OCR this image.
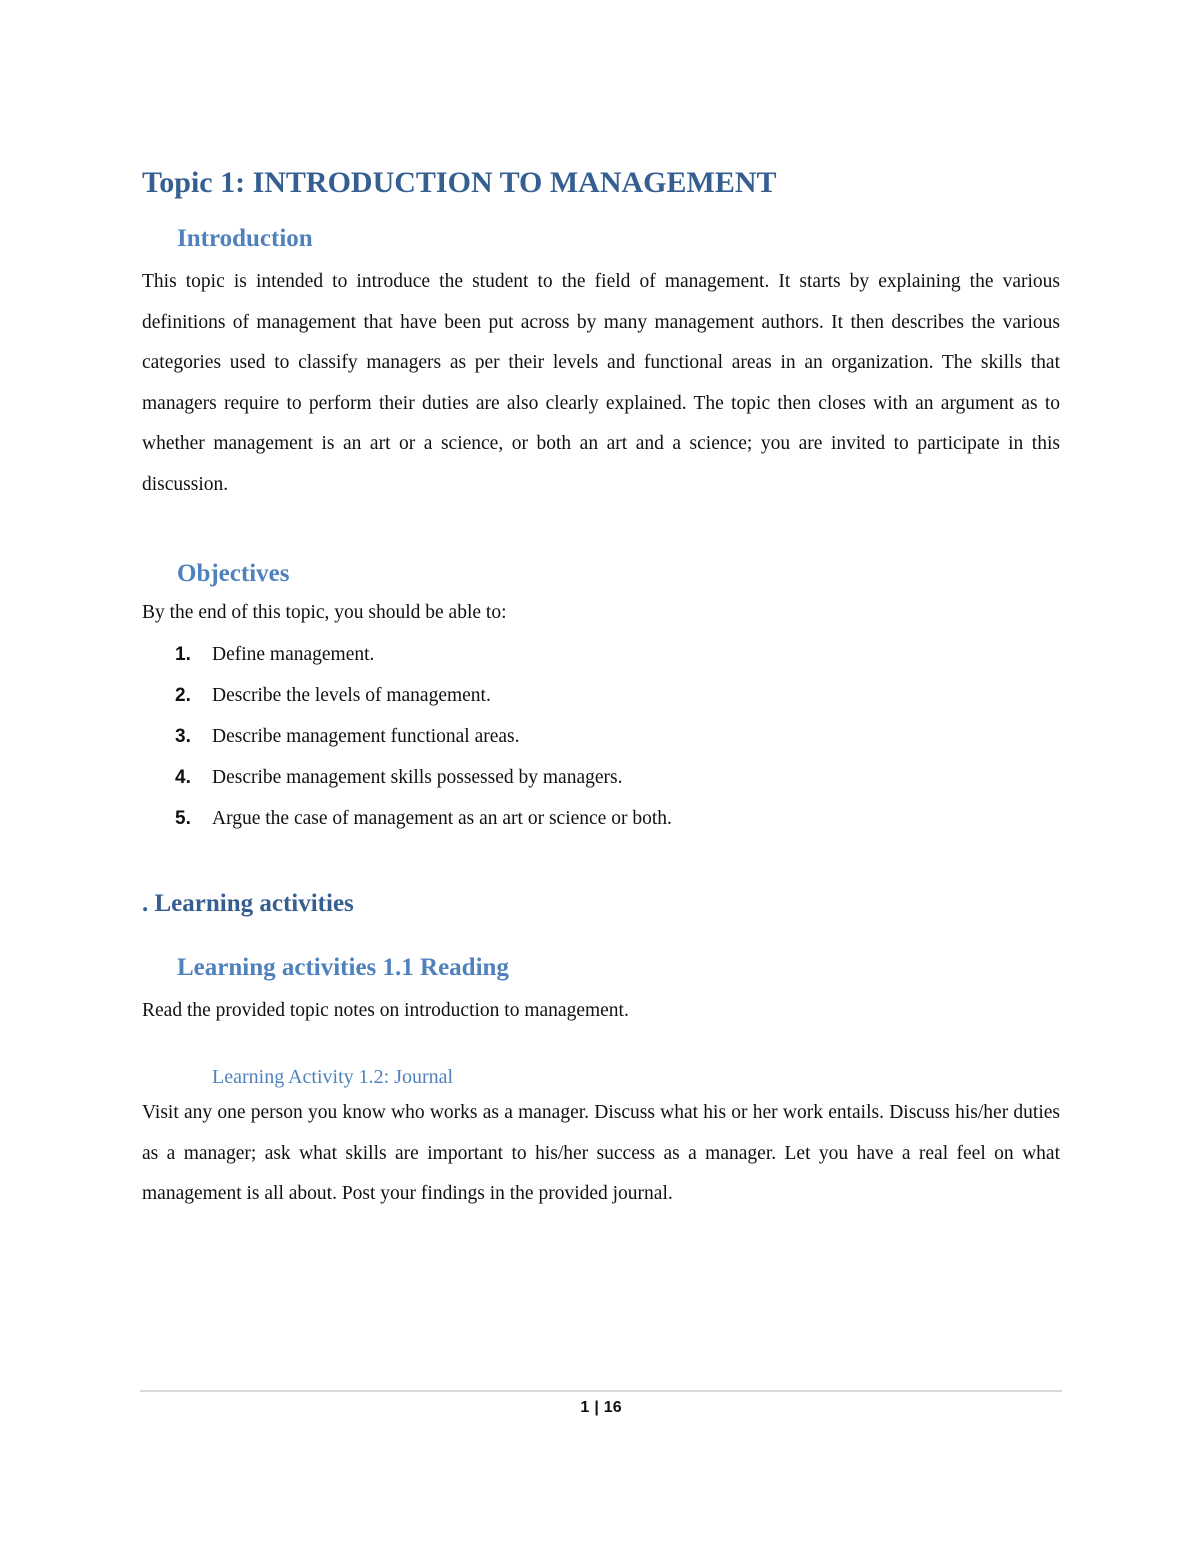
Topic 1: INTRODUCTION TO MANAGEMENT
Introduction

This topic is intended to introduce the student to the field of management. It starts by explaining the various definitions of management that have been put across by many management authors. It then describes the various categories used to classify managers as per their levels and functional areas in an organization. The skills that managers require to perform their duties are also clearly explained. The topic then closes with an argument as to whether management is an art or a science, or both an art and a science; you are invited to participate in this discussion.

Objectives

By the end of this topic, you should be able to:

1.	Define management.
2.	Describe the levels of management.
3.	Describe management functional areas.
4.	Describe management skills possessed by managers.
5.	Argue the case of management as an art or science or both.
. Learning activities
Learning activities 1.1 Reading

Read the provided topic notes on introduction to management.

Learning Activity 1.2: Journal

Visit any one person you know who works as a manager. Discuss what his or her work entails. Discuss his/her duties as a manager; ask what skills are important to his/her success as a manager. Let you have a real feel on what management is all about. Post your findings in the provided journal.

1 | 16
